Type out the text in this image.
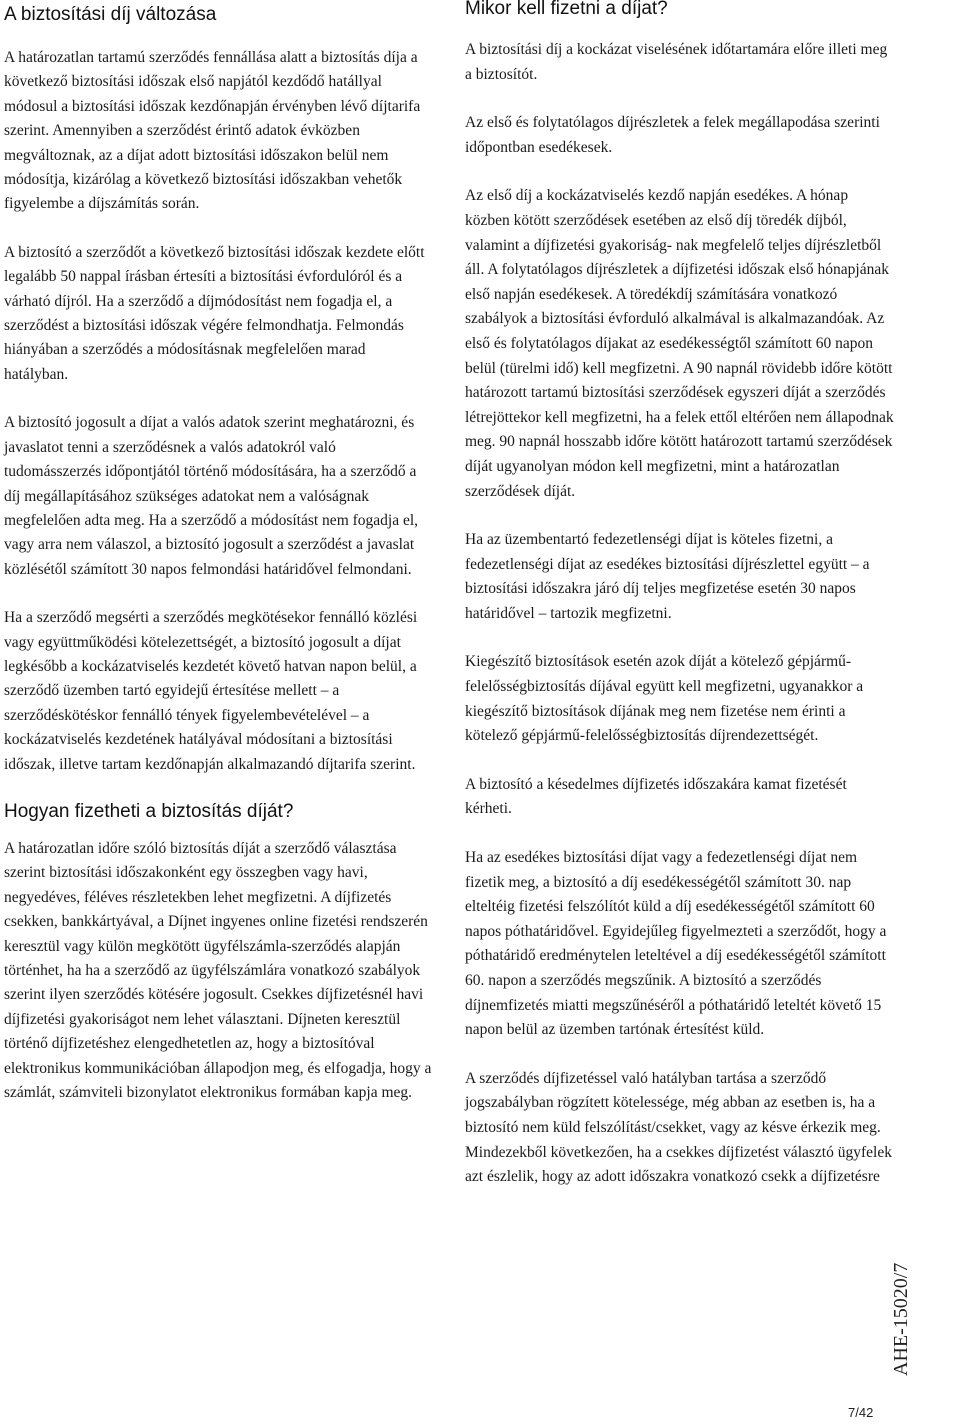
A biztosítási díj változása

A határozatlan tartamú szerződés fennállása alatt a biztosítás díja a következő biztosítási időszak első napjától kezdődő hatállyal módosul a biztosítási időszak kezdőnapján érvényben lévő díjtarifa szerint. Amennyiben a szerződést érintő adatok évközben megváltoznak, az a díjat adott biztosítási időszakon belül nem módosítja, kizárólag a következő biztosítási időszakban vehetők figyelembe a díjszámítás során.

A biztosító a szerződőt a következő biztosítási időszak kezdete előtt legalább 50 nappal írásban értesíti a biztosítási évfordulóról és a várható díjról. Ha a szerződő a díjmódosítást nem fogadja el, a szerződést a biztosítási időszak végére felmondhatja. Felmondás hiányában a szerződés a módosításnak megfelelően marad hatályban.

A biztosító jogosult a díjat a valós adatok szerint meghatározni, és javaslatot tenni a szerződésnek a valós adatokról való tudomásszerzés időpontjától történő módosítására, ha a szerződő a díj megállapításához szükséges adatokat nem a valóságnak megfelelően adta meg. Ha a szerződő a módosítást nem fogadja el, vagy arra nem válaszol, a biztosító jogosult a szerződést a javaslat közlésétől számított 30 napos felmondási határidővel felmondani.

Ha a szerződő megsérti a szerződés megkötésekor fennálló közlési vagy együttműködési kötelezettségét, a biztosító jogosult a díjat legkésőbb a kockázatviselés kezdetét követő hatvan napon belül, a szerződő üzemben tartó egyidejű értesítése mellett – a szerződéskötéskor fennálló tények figyelembevételével – a kockázatviselés kezdetének hatályával módosítani a biztosítási időszak, illetve tartam kezdőnapján alkalmazandó díjtarifa szerint.

Hogyan fizetheti a biztosítás díját?

A határozatlan időre szóló biztosítás díját a szerződő választása szerint biztosítási időszakonként egy összegben vagy havi, negyedéves, féléves részletekben lehet megfizetni. A díjfizetés csekken, bankkártyával, a Díjnet ingyenes online fizetési rendszerén keresztül vagy külön megkötött ügyfélszámla-szerződés alapján történhet, ha ha a szerződő az ügyfélszámlára vonatkozó szabályok szerint ilyen szerződés kötésére jogosult. Csekkes díjfizetésnél havi díjfizetési gyakoriságot nem lehet választani. Díjneten keresztül történő díjfizetéshez elengedhetetlen az, hogy a biztosítóval elektronikus kommunikációban állapodjon meg, és elfogadja, hogy a számlát, számviteli bizonylatot elektronikus formában kapja meg.

Mikor kell fizetni a díjat?

A biztosítási díj a kockázat viselésének időtartamára előre illeti meg a biztosítót.

Az első és folytatólagos díjrészletek a felek megállapodása szerinti időpontban esedékesek.

Az első díj a kockázatviselés kezdő napján esedékes. A hónap közben kötött szerződések esetében az első díj töredék díjból, valamint a díjfizetési gyakoriság- nak megfelelő teljes díjrészletből áll. A folytatólagos díjrészletek a díjfizetési időszak első hónapjának első napján esedékesek. A töredékdíj számítására vonatkozó szabályok a biztosítási évforduló alkalmával is alkalmazandóak. Az első és folytatólagos díjakat az esedékességtől számított 60 napon belül (türelmi idő) kell megfizetni. A 90 napnál rövidebb időre kötött határozott tartamú biztosítási szerződések egyszeri díját a szerződés létrejöttekor kell megfizetni, ha a felek ettől eltérően nem állapodnak meg. 90 napnál hosszabb időre kötött határozott tartamú szerződések díját ugyanolyan módon kell megfizetni, mint a határozatlan szerződések díját.

Ha az üzembentartó fedezetlenségi díjat is köteles fizetni, a fedezetlenségi díjat az esedékes biztosítási díjrészlettel együtt – a biztosítási időszakra járó díj teljes megfizetése esetén 30 napos határidővel – tartozik megfizetni.

Kiegészítő biztosítások esetén azok díját a kötelező gépjármű- felelősségbiztosítás díjával együtt kell megfizetni, ugyanakkor a kiegészítő biztosítások díjának meg nem fizetése nem érinti a kötelező gépjármű-felelősségbiztosítás díjrendezettségét.

A biztosító a késedelmes díjfizetés időszakára kamat fizetését kérheti.

Ha az esedékes biztosítási díjat vagy a fedezetlenségi díjat nem fizetik meg, a biztosító a díj esedékességétől számított 30. nap elteltéig fizetési felszólítót küld a díj esedékességétől számított 60 napos póthatáridővel. Egyidejűleg figyelmezteti a szerződőt, hogy a póthatáridő eredménytelen leteltével a díj esedékességétől számított 60. napon a szerződés megszűnik. A biztosító a szerződés díjnemfizetés miatti megszűnéséről a póthatáridő leteltét követő 15 napon belül az üzemben tartónak értesítést küld.

A szerződés díjfizetéssel való hatályban tartása a szerződő jogszabályban rögzített kötelessége, még abban az esetben is, ha a biztosító nem küld felszólítást/csekket, vagy az késve érkezik meg. Mindezekből következően, ha a csekkes díjfizetést választó ügyfelek azt észlelik, hogy az adott időszakra vonatkozó csekk a díjfizetésre

AHE-15020/7
7/42
